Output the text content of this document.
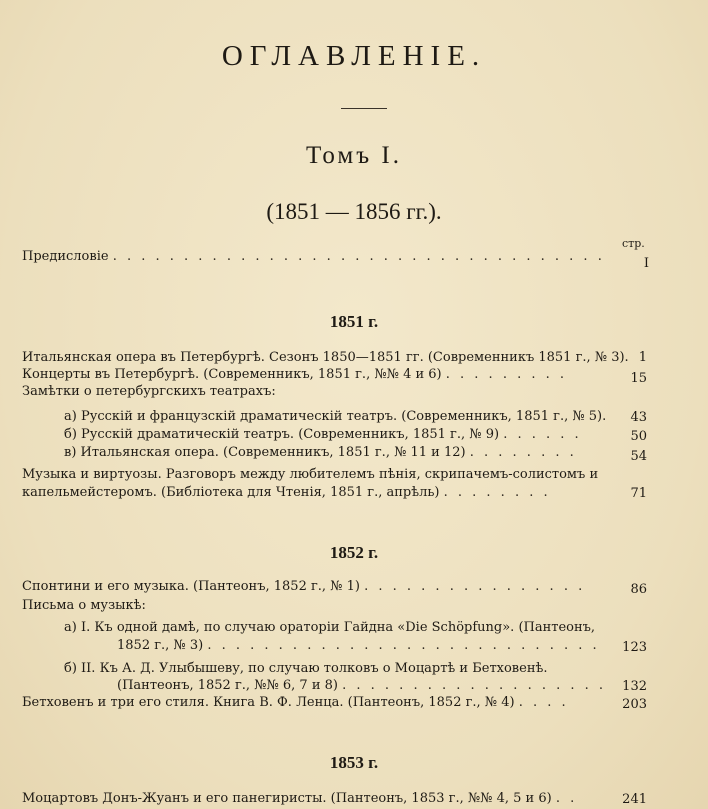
ОГЛАВЛЕНІЕ.
Томъ I.
(1851 — 1856 гг.).
стр.
Предисловіе . . . . . . . . . . . . . . . . . . . . . . . . . . . . . . . . . . .	I
1851 г.
Итальянская опера въ Петербургѣ. Сезонъ 1850—1851 гг. (Современникъ 1851 г., № 3). 1
Концерты въ Петербургѣ. (Современникъ, 1851 г., №№ 4 и 6) . . . . . . . . .	15
Замѣтки о петербургскихъ театрахъ:
а) Русскій и французскій драматическій театръ. (Современникъ, 1851 г., № 5).	43
б) Русскій драматическій театръ. (Современникъ, 1851 г., № 9) . . . . . .	50
в) Итальянская опера. (Современникъ, 1851 г., № 11 и 12) . . . . . . . .	54
Музыка и виртуозы. Разговоръ между любителемъ пѣнія, скрипачемъ-солистомъ и
капельмейстеромъ. (Библіотека для Чтенія, 1851 г., апрѣль) . . . . . . . .	71
1852 г.
Спонтини и его музыка. (Пантеонъ, 1852 г., № 1) . . . . . . . . . . . . . . . .	86
Письма о музыкѣ:
а) I. Къ одной дамѣ, по случаю ораторіи Гайдна «Die Schöpfung». (Пантеонъ,
1852 г., № 3) . . . . . . . . . . . . . . . . . . . . . . . . . . . .	123
б) II. Къ А. Д. Улыбышеву, по случаю толковъ о Моцартѣ и Бетховенѣ.
(Пантеонъ, 1852 г., №№ 6, 7 и 8) . . . . . . . . . . . . . . . . . . .	132
Бетховенъ и три его стиля. Книга В. Ф. Ленца. (Пантеонъ, 1852 г., № 4) . . . .	203
1853 г.
Моцартовъ Донъ-Жуанъ и его панегиристы. (Пантеонъ, 1853 г., №№ 4, 5 и 6) . .	241
